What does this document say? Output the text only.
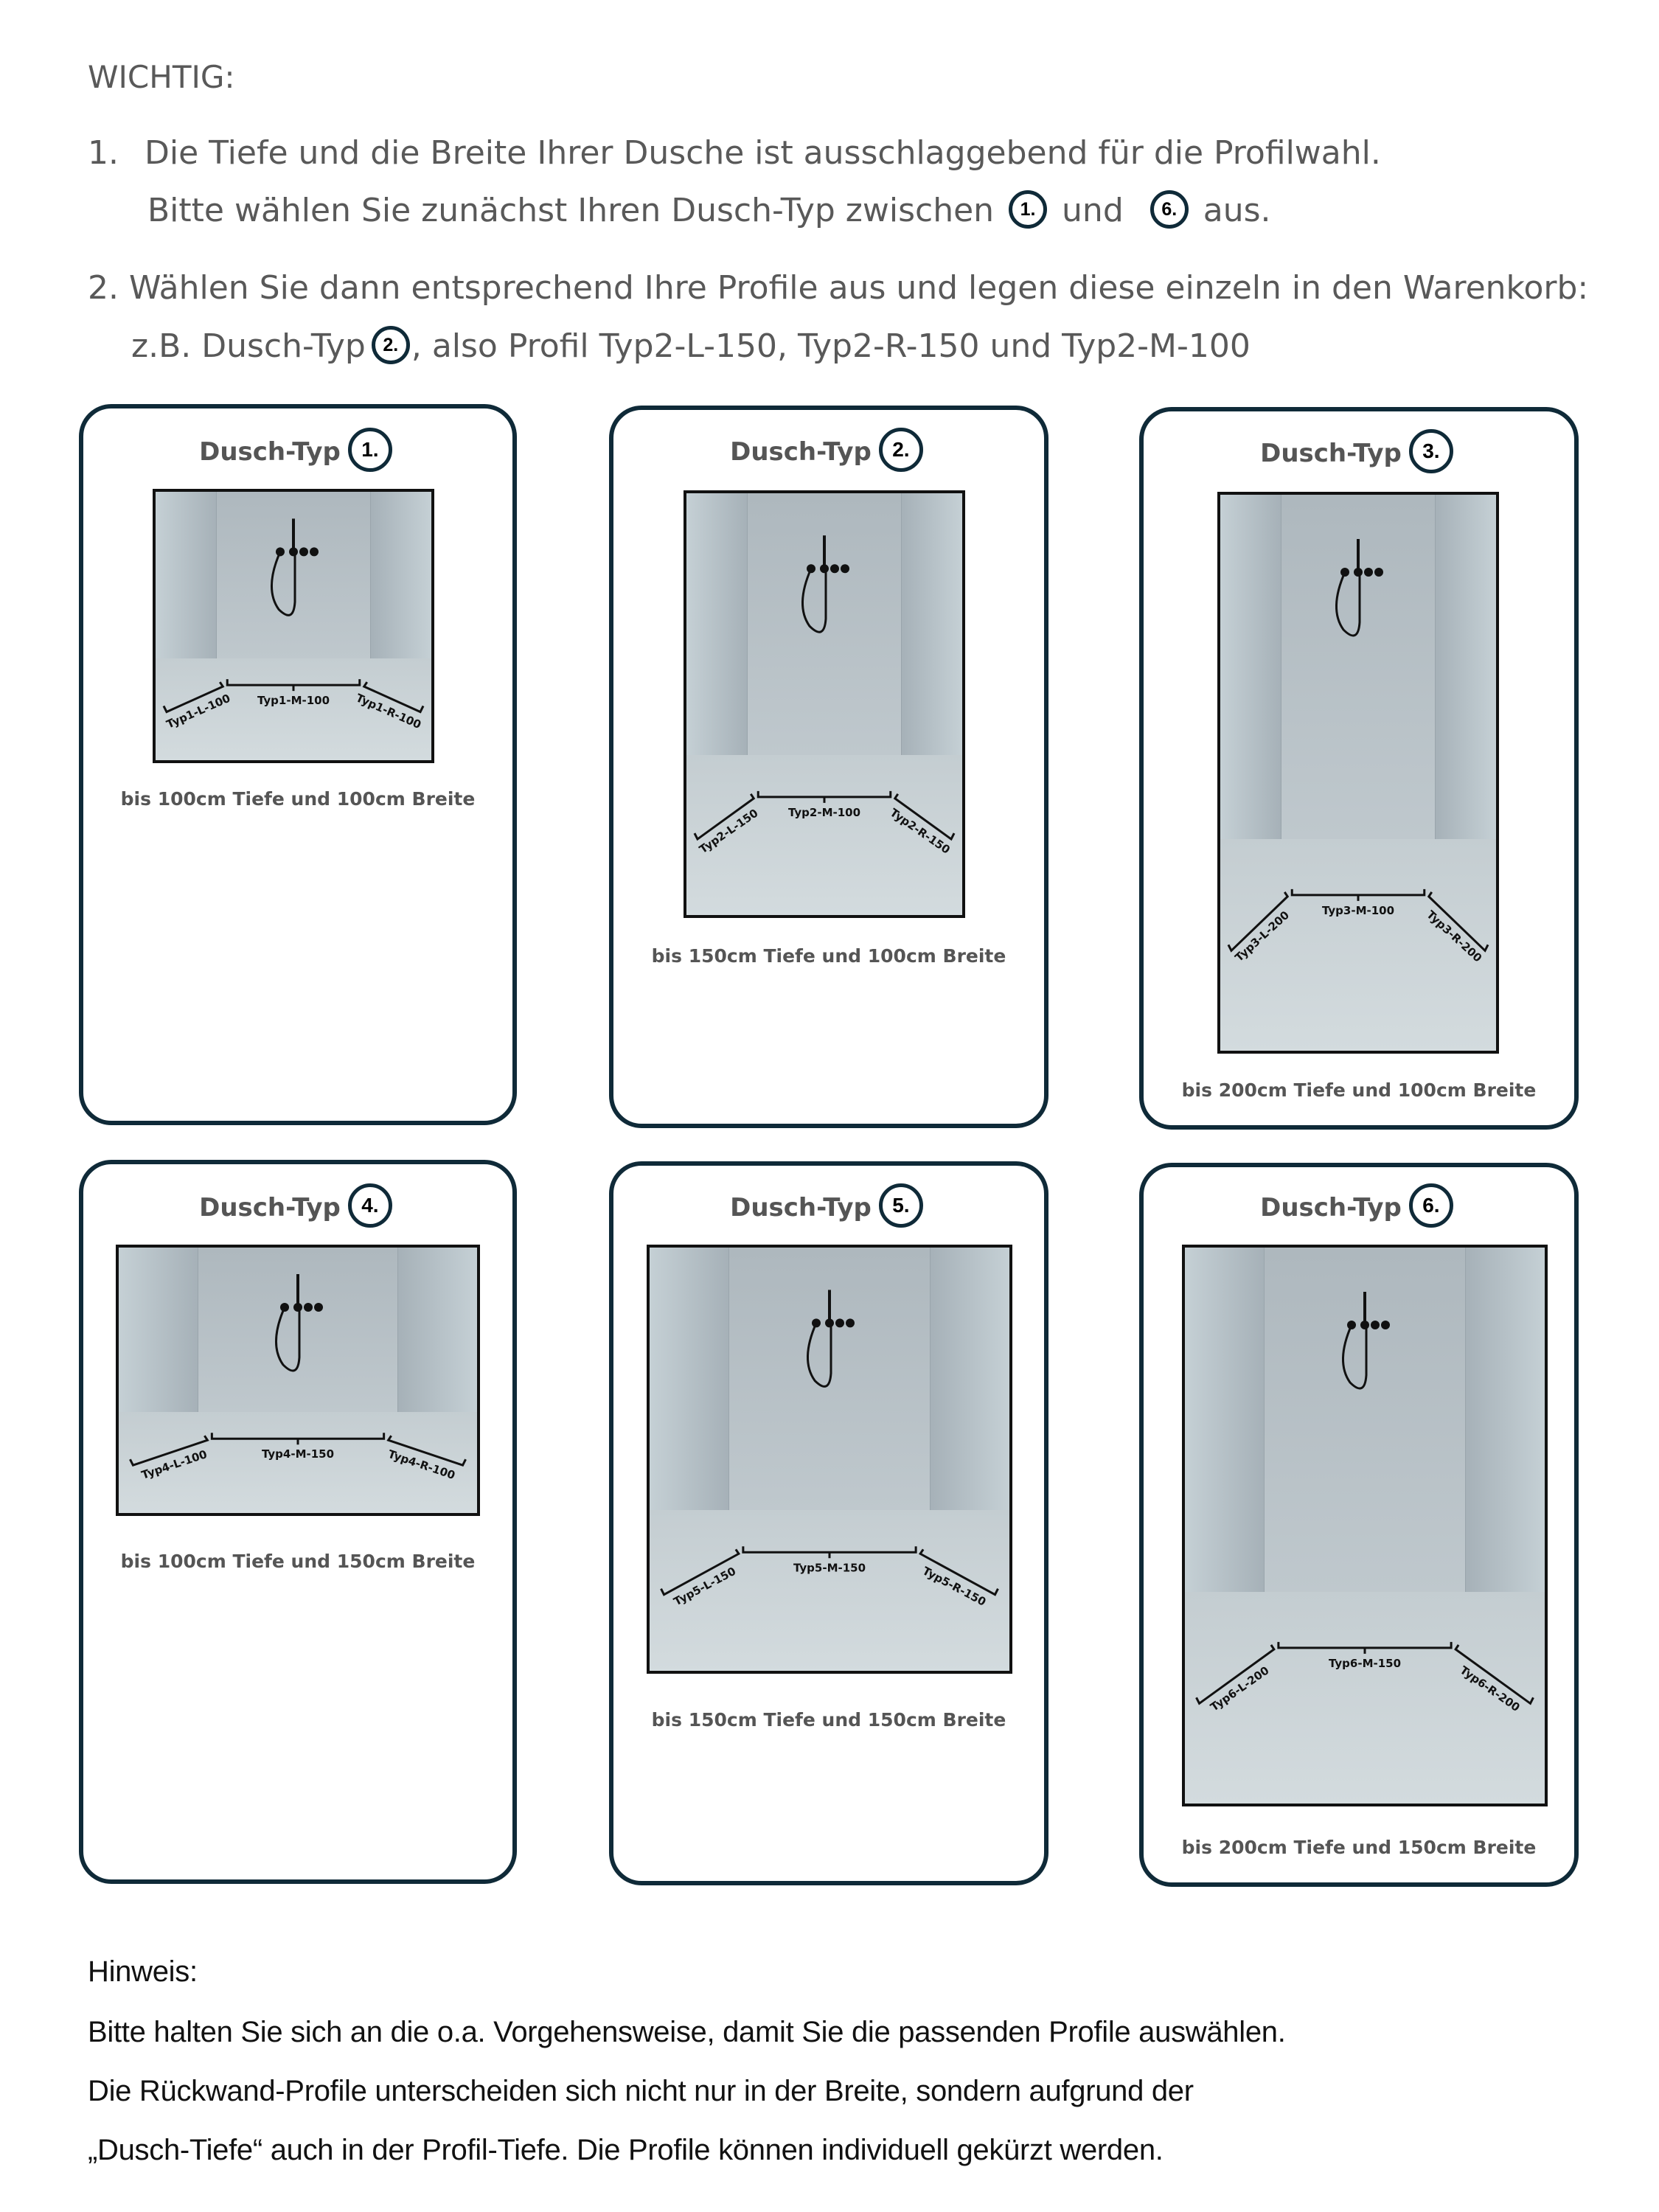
WICHTIG:
1. Die Tiefe und die Breite Ihrer Dusche ist ausschlaggebend für die Profilwahl.
Bitte wählen Sie zunächst Ihren Dusch-Typ zwischen 1. und 6. aus.
2. Wählen Sie dann entsprechend Ihre Profile aus und legen diese einzeln in den Warenkorb:
z.B. Dusch-Typ 2. , also Profil Typ2-L-150, Typ2-R-150 und Typ2-M-100
Dusch-Typ 1.
Typ1-M-100
Typ1-L-100	Typ1-R-100
bis 100cm Tiefe und 100cm Breite
Dusch-Typ 2.
Typ2-M-100
Typ2-L-150	Typ2-R-150
bis 150cm Tiefe und 100cm Breite
Dusch-Typ 3.
Typ3-M-100
Typ3-L-200	Typ3-R-200
bis 200cm Tiefe und 100cm Breite
Dusch-Typ 4.
Typ4-M-150
Typ4-L-100	Typ4-R-100
bis 100cm Tiefe und 150cm Breite
Dusch-Typ 5.
Typ5-M-150
Typ5-L-150	Typ5-R-150
bis 150cm Tiefe und 150cm Breite
Dusch-Typ 6.
Typ6-M-150
Typ6-L-200	Typ6-R-200
bis 200cm Tiefe und 150cm Breite
Hinweis:
Bitte halten Sie sich an die o.a. Vorgehensweise, damit Sie die passenden Profile auswählen.
Die Rückwand-Profile unterscheiden sich nicht nur in der Breite, sondern aufgrund der
„Dusch-Tiefe“ auch in der Profil-Tiefe. Die Profile können individuell gekürzt werden.
